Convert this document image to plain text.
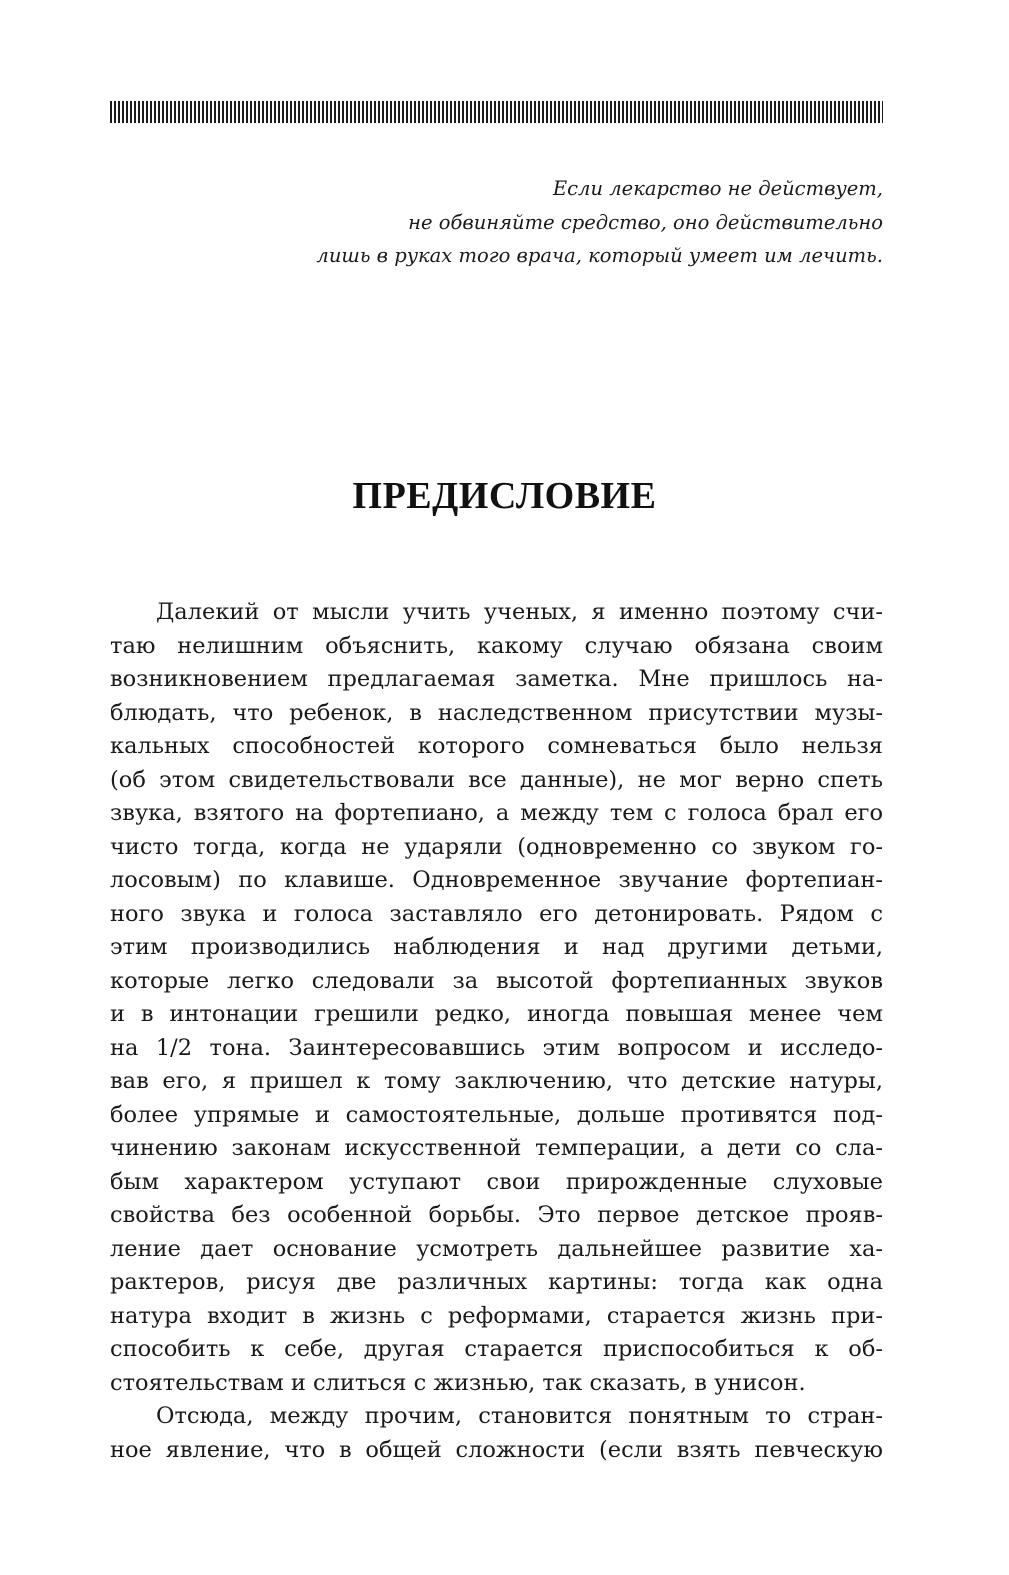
Если лекарство не действует,
не обвиняйте средство, оно действительно
лишь в руках того врача, который умеет им лечить.
ПРЕДИСЛОВИЕ

Далекий от мысли учить ученых, я именно поэтому счи-
таю нелишним объяснить, какому случаю обязана своим
возникновением предлагаемая заметка. Мне пришлось на-
блюдать, что ребенок, в наследственном присутствии музы-
кальных способностей которого сомневаться было нельзя
(об этом свидетельствовали все данные), не мог верно спеть
звука, взятого на фортепиано, а между тем с голоса брал его
чисто тогда, когда не ударяли (одновременно со звуком го-
лосовым) по клавише. Одновременное звучание фортепиан-
ного звука и голоса заставляло его детонировать. Рядом с
этим производились наблюдения и над другими детьми,
которые легко следовали за высотой фортепианных звуков
и в интонации грешили редко, иногда повышая менее чем
на 1/2 тона. Заинтересовавшись этим вопросом и исследо-
вав его, я пришел к тому заключению, что детские натуры,
более упрямые и самостоятельные, дольше противятся под-
чинению законам искусственной темперации, а дети со сла-
бым характером уступают свои прирожденные слуховые
свойства без особенной борьбы. Это первое детское прояв-
ление дает основание усмотреть дальнейшее развитие ха-
рактеров, рисуя две различных картины: тогда как одна
натура входит в жизнь с реформами, старается жизнь при-
способить к себе, другая старается приспособиться к об-
стоятельствам и слиться с жизнью, так сказать, в унисон.

Отсюда, между прочим, становится понятным то стран-
ное явление, что в общей сложности (если взять певческую
